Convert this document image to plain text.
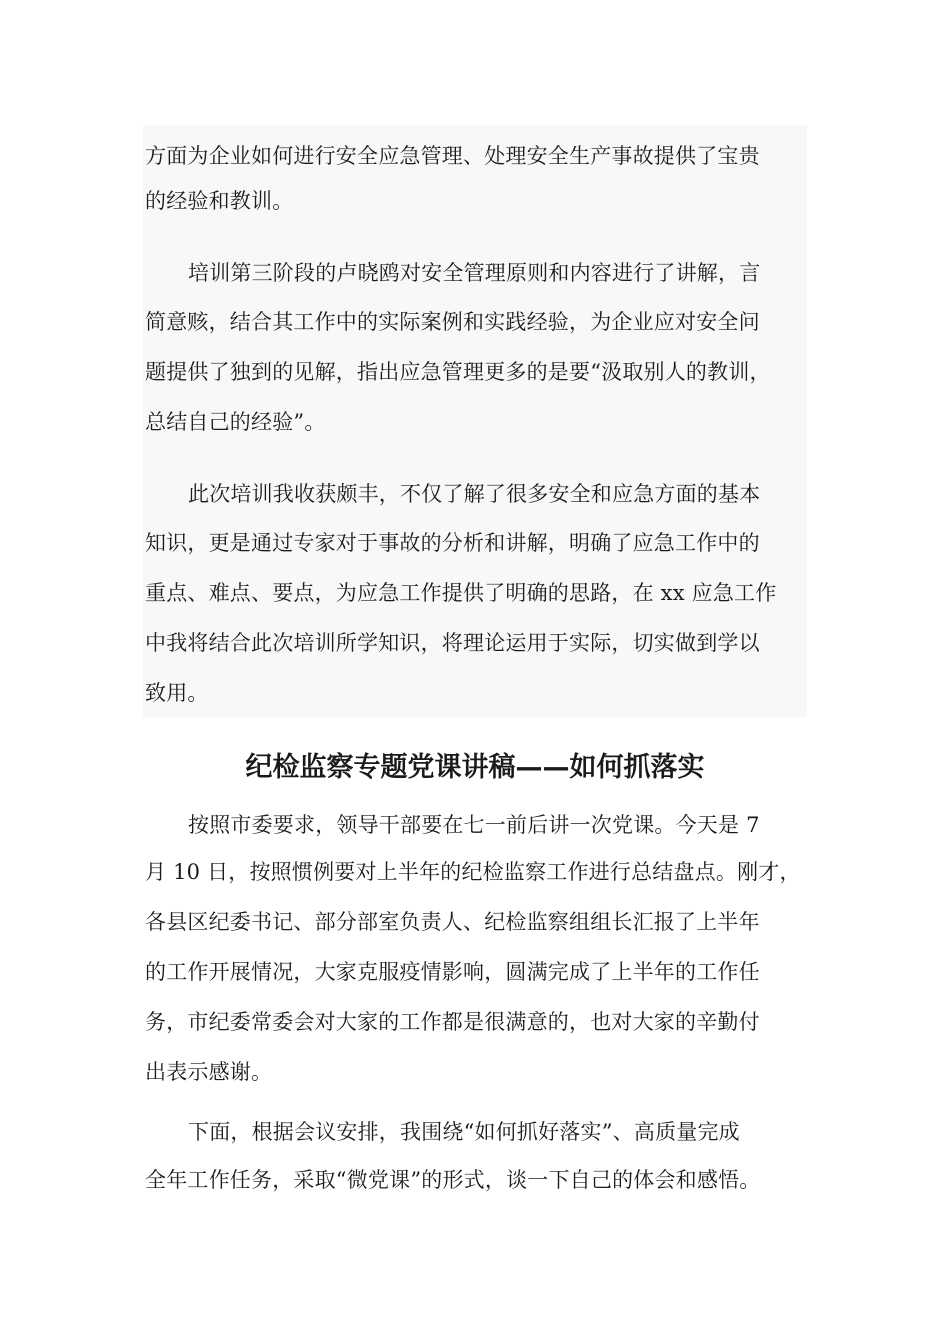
方面为企业如何进行安全应急管理、处理安全生产事故提供了宝贵
的经验和教训。
培训第三阶段的卢晓鸥对安全管理原则和内容进行了讲解，言
简意赅，结合其工作中的实际案例和实践经验，为企业应对安全问
题提供了独到的见解，指出应急管理更多的是要“汲取别人的教训，
总结自己的经验”。
此次培训我收获颇丰，不仅了解了很多安全和应急方面的基本
知识，更是通过专家对于事故的分析和讲解，明确了应急工作中的
重点、难点、要点，为应急工作提供了明确的思路，在 xx 应急工作
中我将结合此次培训所学知识，将理论运用于实际，切实做到学以
致用。
纪检监察专题党课讲稿——如何抓落实
按照市委要求，领导干部要在七一前后讲一次党课。今天是 7
月 10 日，按照惯例要对上半年的纪检监察工作进行总结盘点。刚才，
各县区纪委书记、部分部室负责人、纪检监察组组长汇报了上半年
的工作开展情况，大家克服疫情影响，圆满完成了上半年的工作任
务，市纪委常委会对大家的工作都是很满意的，也对大家的辛勤付
出表示感谢。
下面，根据会议安排，我围绕“如何抓好落实”、高质量完成
全年工作任务，采取“微党课”的形式，谈一下自己的体会和感悟。
